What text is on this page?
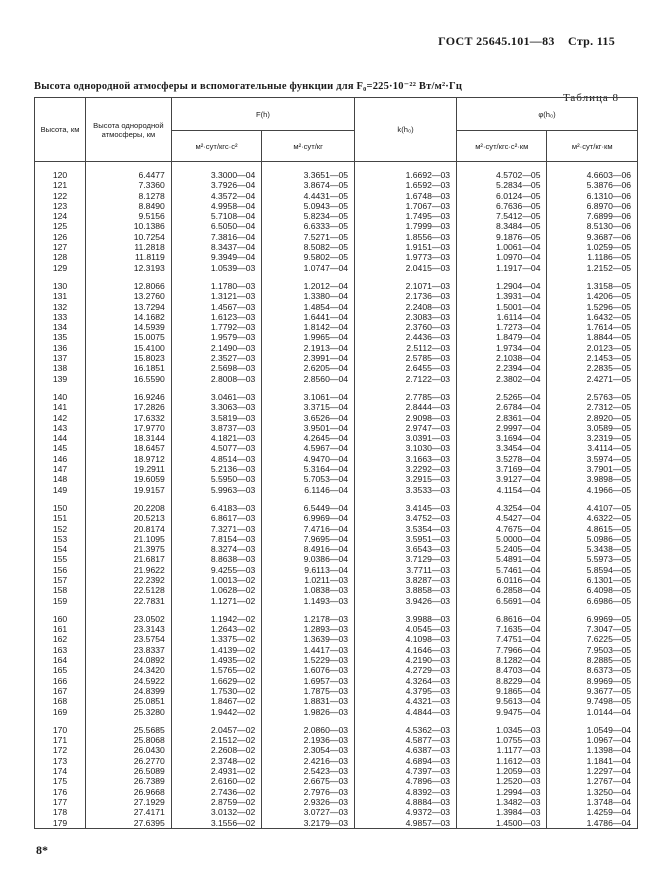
ГОСТ 25645.101—83 Стр. 115
Таблица 8
Высота однородной атмосферы и вспомогательные функции для F₀=225·10⁻²² Вт/м²·Гц
Высота, км	Высота однородной атмосферы, км	F(h)		k(h₀)	φ(h₀)	
		м²·сут/кгс·с²	м²·сут/кг		м²·сут/кгс·с²·км	м²·сут/кг·км

120	6.4477	3.3000—04	3.3651—05	1.6692—03	4.5702—05	4.6603—06
121	7.3360	3.7926—04	3.8674—05	1.6592—03	5.2834—05	5.3876—06
122	8.1278	4.3572—04	4.4431—05	1.6748—03	6.0124—05	6.1310—06
123	8.8490	4.9958—04	5.0943—05	1.7067—03	6.7636—05	6.8970—06
124	9.5156	5.7108—04	5.8234—05	1.7495—03	7.5412—05	7.6899—06
125	10.1386	6.5050—04	6.6333—05	1.7999—03	8.3484—05	8.5130—06
126	10.7254	7.3816—04	7.5271—05	1.8556—03	9.1876—05	9.3687—06
127	11.2818	8.3437—04	8.5082—05	1.9151—03	1.0061—04	1.0259—05
128	11.8119	9.3949—04	9.5802—05	1.9773—03	1.0970—04	1.1186—05
129	12.3193	1.0539—03	1.0747—04	2.0415—03	1.1917—04	1.2152—05

130	12.8066	1.1780—03	1.2012—04	2.1071—03	1.2904—04	1.3158—05
131	13.2760	1.3121—03	1.3380—04	2.1736—03	1.3931—04	1.4206—05
132	13.7294	1.4567—03	1.4854—04	2.2408—03	1.5001—04	1.5296—05
133	14.1682	1.6123—03	1.6441—04	2.3083—03	1.6114—04	1.6432—05
134	14.5939	1.7792—03	1.8142—04	2.3760—03	1.7273—04	1.7614—05
135	15.0075	1.9579—03	1.9965—04	2.4436—03	1.8479—04	1.8844—05
136	15.4100	2.1490—03	2.1913—04	2.5112—03	1.9734—04	2.0123—05
137	15.8023	2.3527—03	2.3991—04	2.5785—03	2.1038—04	2.1453—05
138	16.1851	2.5698—03	2.6205—04	2.6455—03	2.2394—04	2.2835—05
139	16.5590	2.8008—03	2.8560—04	2.7122—03	2.3802—04	2.4271—05

140	16.9246	3.0461—03	3.1061—04	2.7785—03	2.5265—04	2.5763—05
141	17.2826	3.3063—03	3.3715—04	2.8444—03	2.6784—04	2.7312—05
142	17.6332	3.5819—03	3.6526—04	2.9098—03	2.8361—04	2.8920—05
143	17.9770	3.8737—03	3.9501—04	2.9747—03	2.9997—04	3.0589—05
144	18.3144	4.1821—03	4.2645—04	3.0391—03	3.1694—04	3.2319—05
145	18.6457	4.5077—03	4.5967—04	3.1030—03	3.3454—04	3.4114—05
146	18.9712	4.8514—03	4.9470—04	3.1663—03	3.5278—04	3.5974—05
147	19.2911	5.2136—03	5.3164—04	3.2292—03	3.7169—04	3.7901—05
148	19.6059	5.5950—03	5.7053—04	3.2915—03	3.9127—04	3.9898—05
149	19.9157	5.9963—03	6.1146—04	3.3533—03	4.1154—04	4.1966—05

150	20.2208	6.4183—03	6.5449—04	3.4145—03	4.3254—04	4.4107—05
151	20.5213	6.8617—03	6.9969—04	3.4752—03	4.5427—04	4.6322—05
152	20.8174	7.3271—03	7.4716—04	3.5354—03	4.7675—04	4.8615—05
153	21.1095	7.8154—03	7.9695—04	3.5951—03	5.0000—04	5.0986—05
154	21.3975	8.3274—03	8.4916—04	3.6543—03	5.2405—04	5.3438—05
155	21.6817	8.8638—03	9.0386—04	3.7129—03	5.4891—04	5.5973—05
156	21.9622	9.4255—03	9.6113—04	3.7711—03	5.7461—04	5.8594—05
157	22.2392	1.0013—02	1.0211—03	3.8287—03	6.0116—04	6.1301—05
158	22.5128	1.0628—02	1.0838—03	3.8858—03	6.2858—04	6.4098—05
159	22.7831	1.1271—02	1.1493—03	3.9426—03	6.5691—04	6.6986—05

160	23.0502	1.1942—02	1.2178—03	3.9988—03	6.8616—04	6.9969—05
161	23.3143	1.2643—02	1.2893—03	4.0545—03	7.1635—04	7.3047—05
162	23.5754	1.3375—02	1.3639—03	4.1098—03	7.4751—04	7.6225—05
163	23.8337	1.4139—02	1.4417—03	4.1646—03	7.7966—04	7.9503—05
164	24.0892	1.4935—02	1.5229—03	4.2190—03	8.1282—04	8.2885—05
165	24.3420	1.5765—02	1.6076—03	4.2729—03	8.4703—04	8.6373—05
166	24.5922	1.6629—02	1.6957—03	4.3264—03	8.8229—04	8.9969—05
167	24.8399	1.7530—02	1.7875—03	4.3795—03	9.1865—04	9.3677—05
168	25.0851	1.8467—02	1.8831—03	4.4321—03	9.5613—04	9.7498—05
169	25.3280	1.9442—02	1.9826—03	4.4844—03	9.9475—04	1.0144—04

170	25.5685	2.0457—02	2.0860—03	4.5362—03	1.0345—03	1.0549—04
171	25.8068	2.1512—02	2.1936—03	4.5877—03	1.0755—03	1.0967—04
172	26.0430	2.2608—02	2.3054—03	4.6387—03	1.1177—03	1.1398—04
173	26.2770	2.3748—02	2.4216—03	4.6894—03	1.1612—03	1.1841—04
174	26.5089	2.4931—02	2.5423—03	4.7397—03	1.2059—03	1.2297—04
175	26.7389	2.6160—02	2.6675—03	4.7896—03	1.2520—03	1.2767—04
176	26.9668	2.7436—02	2.7976—03	4.8392—03	1.2994—03	1.3250—04
177	27.1929	2.8759—02	2.9326—03	4.8884—03	1.3482—03	1.3748—04
178	27.4171	3.0132—02	3.0727—03	4.9372—03	1.3984—03	1.4259—04
179	27.6395	3.1556—02	3.2179—03	4.9857—03	1.4500—03	1.4786—04
8*
